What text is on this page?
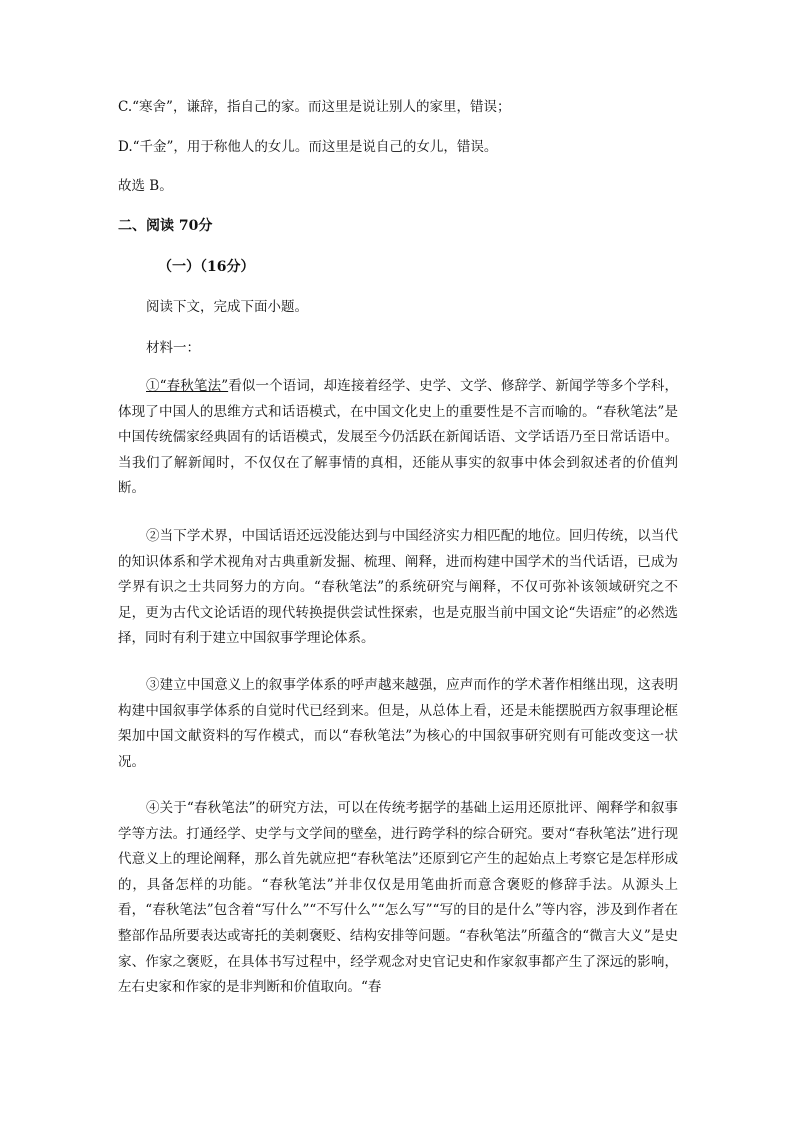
C.“寒舍”，谦辞，指自己的家。而这里是说让别人的家里，错误；
D.“千金”，用于称他人的女儿。而这里是说自己的女儿，错误。
故选 B。
二、阅读 70分
（一）（16分）
阅读下文，完成下面小题。
材料一：
①“春秋笔法”看似一个语词，却连接着经学、史学、文学、修辞学、新闻学等多个学科，体现了中国人的思维方式和话语模式，在中国文化史上的重要性是不言而喻的。“春秋笔法”是中国传统儒家经典固有的话语模式，发展至今仍活跃在新闻话语、文学话语乃至日常话语中。当我们了解新闻时，不仅仅在了解事情的真相，还能从事实的叙事中体会到叙述者的价值判断。
②当下学术界，中国话语还远没能达到与中国经济实力相匹配的地位。回归传统，以当代的知识体系和学术视角对古典重新发掘、梳理、阐释，进而构建中国学术的当代话语，已成为学界有识之士共同努力的方向。“春秋笔法”的系统研究与阐释，不仅可弥补该领域研究之不足，更为古代文论话语的现代转换提供尝试性探索，也是克服当前中国文论“失语症”的必然选择，同时有利于建立中国叙事学理论体系。
③建立中国意义上的叙事学体系的呼声越来越强，应声而作的学术著作相继出现，这表明构建中国叙事学体系的自觉时代已经到来。但是，从总体上看，还是未能摆脱西方叙事理论框架加中国文献资料的写作模式，而以“春秋笔法”为核心的中国叙事研究则有可能改变这一状况。
④关于“春秋笔法”的研究方法，可以在传统考据学的基础上运用还原批评、阐释学和叙事学等方法。打通经学、史学与文学间的壁垒，进行跨学科的综合研究。要对“春秋笔法”进行现代意义上的理论阐释，那么首先就应把“春秋笔法”还原到它产生的起始点上考察它是怎样形成的，具备怎样的功能。“春秋笔法”并非仅仅是用笔曲折而意含褒贬的修辞手法。从源头上看，“春秋笔法”包含着“写什么”“不写什么”“怎么写”“写的目的是什么”等内容，涉及到作者在整部作品所要表达或寄托的美刺褒贬、结构安排等问题。“春秋笔法”所蕴含的“微言大义”是史家、作家之褒贬，在具体书写过程中，经学观念对史官记史和作家叙事都产生了深远的影响，左右史家和作家的是非判断和价值取向。“春
